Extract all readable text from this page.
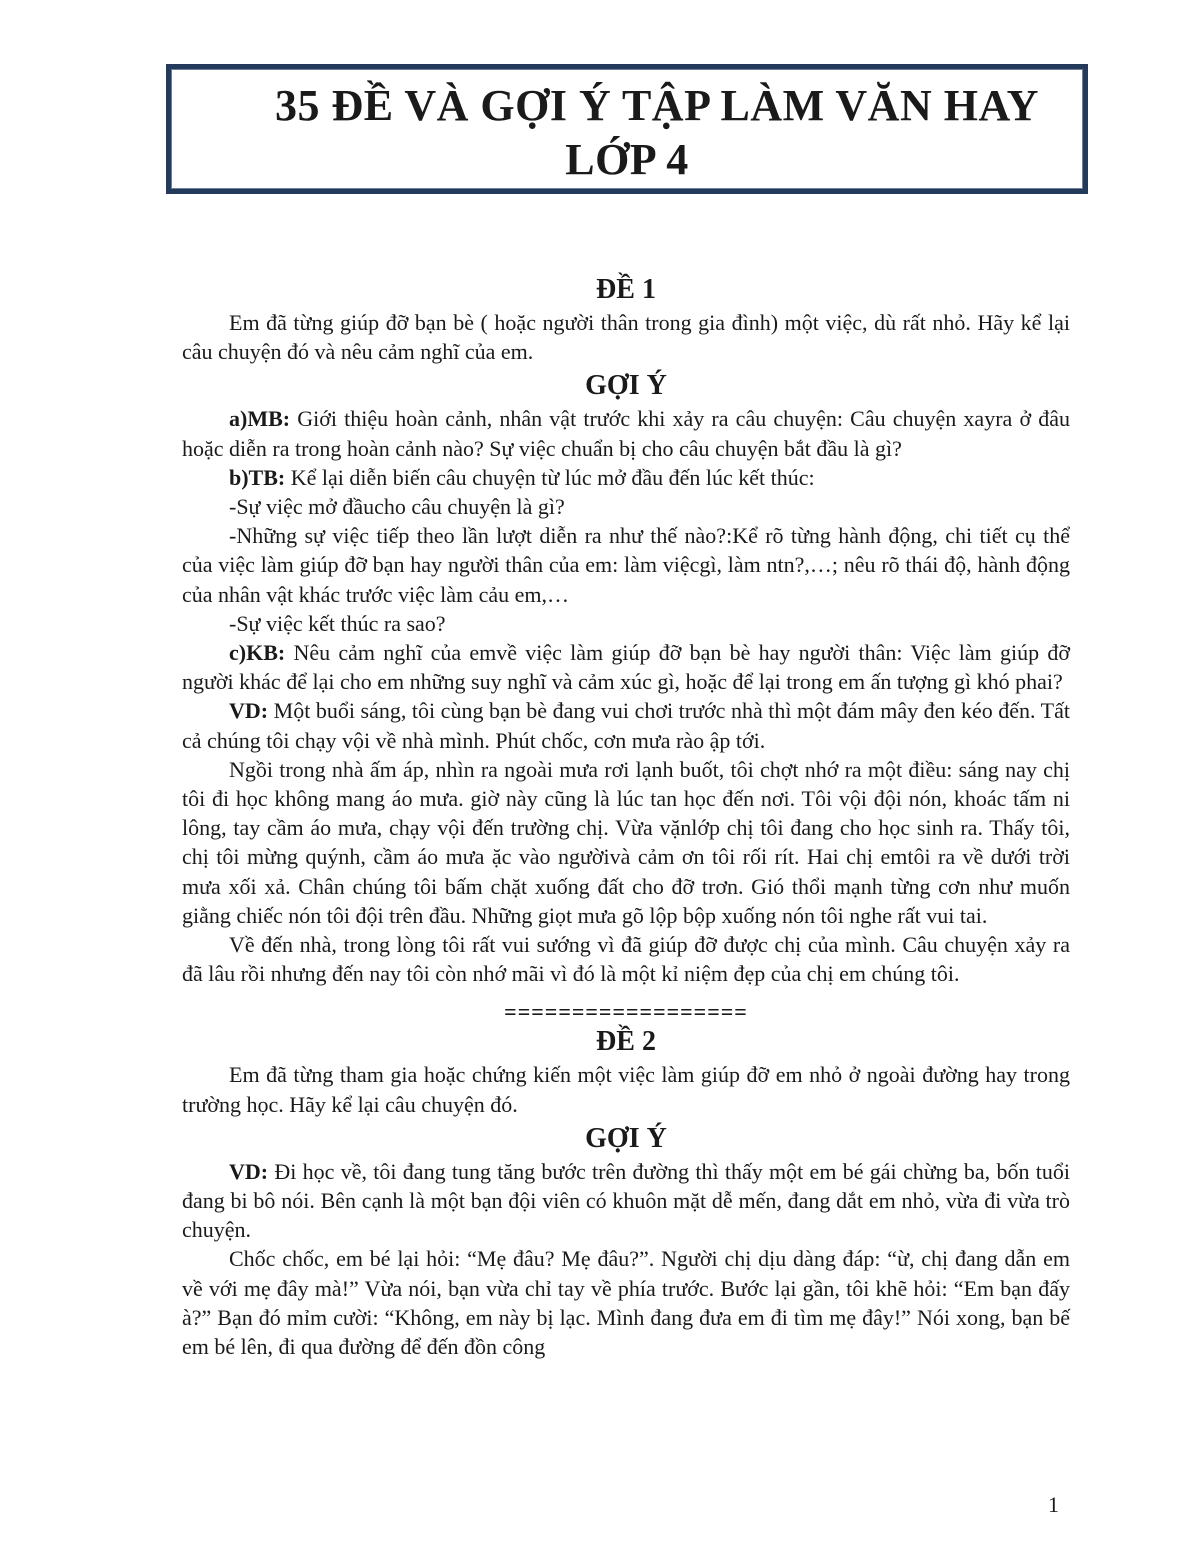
35 ĐỀ VÀ GỢI Ý TẬP LÀM VĂN HAY
LỚP 4
ĐỀ 1

Em đã từng giúp đỡ bạn bè ( hoặc người thân trong gia đình) một việc, dù rất nhỏ. Hãy kể lại câu chuyện đó và nêu cảm nghĩ của em.

GỢI Ý

a)MB: Giới thiệu hoàn cảnh, nhân vật trước khi xảy ra câu chuyện: Câu chuyện xayra ở đâu hoặc diễn ra trong hoàn cảnh nào? Sự việc chuẩn bị cho câu chuyện bắt đầu là gì?

b)TB: Kể lại diễn biến câu chuyện từ lúc mở đầu đến lúc kết thúc:

-Sự việc mở đầucho câu chuyện là gì?

-Những sự việc tiếp theo lần lượt diễn ra như thế nào?:Kể rõ từng hành động, chi tiết cụ thể của việc làm giúp đỡ bạn hay người thân của em: làm việcgì, làm ntn?,…; nêu rõ thái độ, hành động của nhân vật khác trước việc làm cảu em,…

-Sự việc kết thúc ra sao?

c)KB: Nêu cảm nghĩ của emvề việc làm giúp đỡ bạn bè hay người thân: Việc làm giúp đỡ người khác để lại cho em những suy nghĩ và cảm xúc gì, hoặc để lại trong em ấn tượng gì khó phai?

VD: Một buổi sáng, tôi cùng bạn bè đang vui chơi trước nhà thì một đám mây đen kéo đến. Tất cả chúng tôi chạy vội về nhà mình. Phút chốc, cơn mưa rào ập tới.

Ngồi trong nhà ấm áp, nhìn ra ngoài mưa rơi lạnh buốt, tôi chợt nhớ ra một điều: sáng nay chị tôi đi học không mang áo mưa. giờ này cũng là lúc tan học đến nơi. Tôi vội đội nón, khoác tấm ni lông, tay cầm áo mưa, chạy vội đến trường chị. Vừa vặnlớp chị tôi đang cho học sinh ra. Thấy tôi, chị tôi mừng quýnh, cầm áo mưa ặc vào ngườivà cảm ơn tôi rối rít. Hai chị emtôi ra về dưới trời mưa xối xả. Chân chúng tôi bấm chặt xuống đất cho đỡ trơn. Gió thổi mạnh từng cơn như muốn giằng chiếc nón tôi đội trên đầu. Những giọt mưa gõ lộp bộp xuống nón tôi nghe rất vui tai.

Về đến nhà, trong lòng tôi rất vui sướng vì đã giúp đỡ được chị của mình. Câu chuyện xảy ra đã lâu rồi nhưng đến nay tôi còn nhớ mãi vì đó là một kỉ niệm đẹp của chị em chúng tôi.

==================
ĐỀ 2

Em đã từng tham gia hoặc chứng kiến một việc làm giúp đỡ em nhỏ ở ngoài đường hay trong trường học. Hãy kể lại câu chuyện đó.

GỢI Ý

VD: Đi học về, tôi đang tung tăng bước trên đường thì thấy một em bé gái chừng ba, bốn tuổi đang bi bô nói. Bên cạnh là một bạn đội viên có khuôn mặt dễ mến, đang dắt em nhỏ, vừa đi vừa trò chuyện.

Chốc chốc, em bé lại hỏi: “Mẹ đâu? Mẹ đâu?”. Người chị dịu dàng đáp: “ừ, chị đang dẫn em về với mẹ đây mà!” Vừa nói, bạn vừa chỉ tay về phía trước. Bước lại gần, tôi khẽ hỏi: “Em bạn đấy à?” Bạn đó mỉm cười: “Không, em này bị lạc. Mình đang đưa em đi tìm mẹ đây!” Nói xong, bạn bế em bé lên, đi qua đường để đến đồn công

1
